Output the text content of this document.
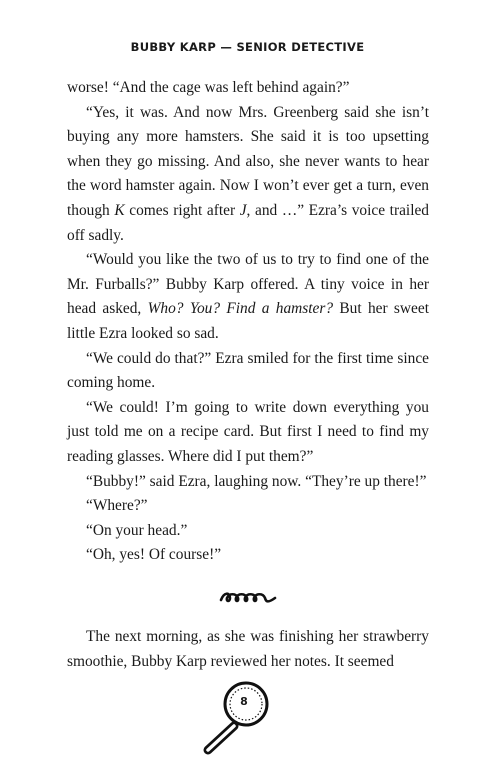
BUBBY KARP — SENIOR DETECTIVE

worse! “And the cage was left behind again?”

“Yes, it was. And now Mrs. Greenberg said she isn’t buying any more hamsters. She said it is too upsetting when they go missing. And also, she never wants to hear the word hamster again. Now I won’t ever get a turn, even though K comes right after J, and …” Ezra’s voice trailed off sadly.

“Would you like the two of us to try to find one of the Mr. Furballs?” Bubby Karp offered. A tiny voice in her head asked, Who? You? Find a hamster? But her sweet little Ezra looked so sad.

“We could do that?” Ezra smiled for the first time since coming home.

“We could! I’m going to write down everything you just told me on a recipe card. But first I need to find my reading glasses. Where did I put them?”

“Bubby!” said Ezra, laughing now. “They’re up there!”

“Where?”

“On your head.”

“Oh, yes! Of course!”

The next morning, as she was finishing her strawberry smoothie, Bubby Karp reviewed her notes. It seemed

8
